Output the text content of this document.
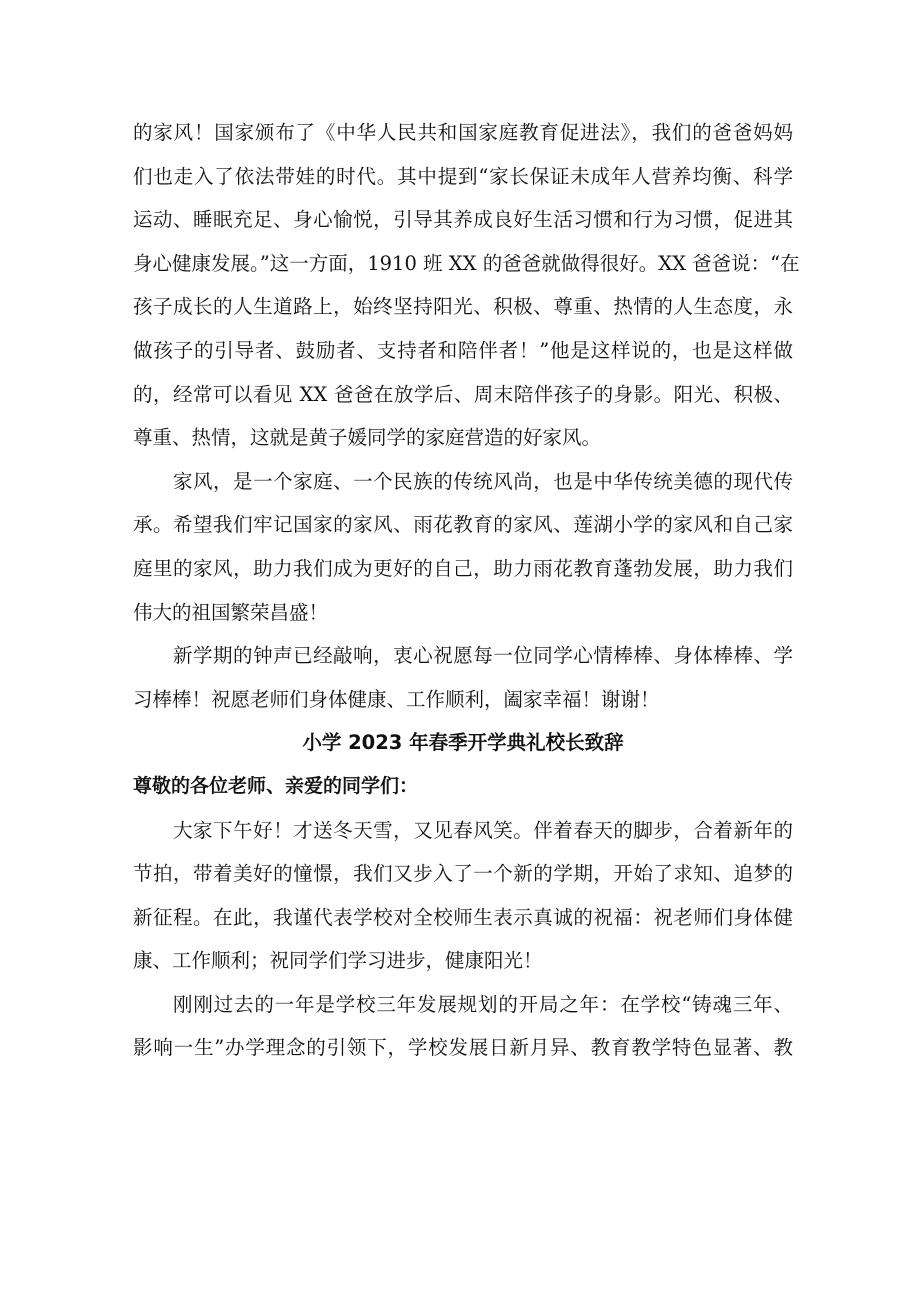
的家风！国家颁布了《中华人民共和国家庭教育促进法》，我们的爸爸妈妈
们也走入了依法带娃的时代。其中提到“家长保证未成年人营养均衡、科学
运动、睡眠充足、身心愉悦，引导其养成良好生活习惯和行为习惯，促进其
身心健康发展。”这一方面，1910 班 XX 的爸爸就做得很好。XX 爸爸说：“在
孩子成长的人生道路上，始终坚持阳光、积极、尊重、热情的人生态度，永
做孩子的引导者、鼓励者、支持者和陪伴者！”他是这样说的，也是这样做
的，经常可以看见 XX 爸爸在放学后、周末陪伴孩子的身影。阳光、积极、
尊重、热情，这就是黄子媛同学的家庭营造的好家风。
家风，是一个家庭、一个民族的传统风尚，也是中华传统美德的现代传
承。希望我们牢记国家的家风、雨花教育的家风、莲湖小学的家风和自己家
庭里的家风，助力我们成为更好的自己，助力雨花教育蓬勃发展，助力我们
伟大的祖国繁荣昌盛！
新学期的钟声已经敲响，衷心祝愿每一位同学心情棒棒、身体棒棒、学
习棒棒！祝愿老师们身体健康、工作顺利，阖家幸福！谢谢！
小学 2023 年春季开学典礼校长致辞

尊敬的各位老师、亲爱的同学们：

大家下午好！才送冬天雪，又见春风笑。伴着春天的脚步，合着新年的
节拍，带着美好的憧憬，我们又步入了一个新的学期，开始了求知、追梦的
新征程。在此，我谨代表学校对全校师生表示真诚的祝福：祝老师们身体健
康、工作顺利；祝同学们学习进步，健康阳光！
刚刚过去的一年是学校三年发展规划的开局之年：在学校“铸魂三年、
影响一生”办学理念的引领下，学校发展日新月异、教育教学特色显著、教
